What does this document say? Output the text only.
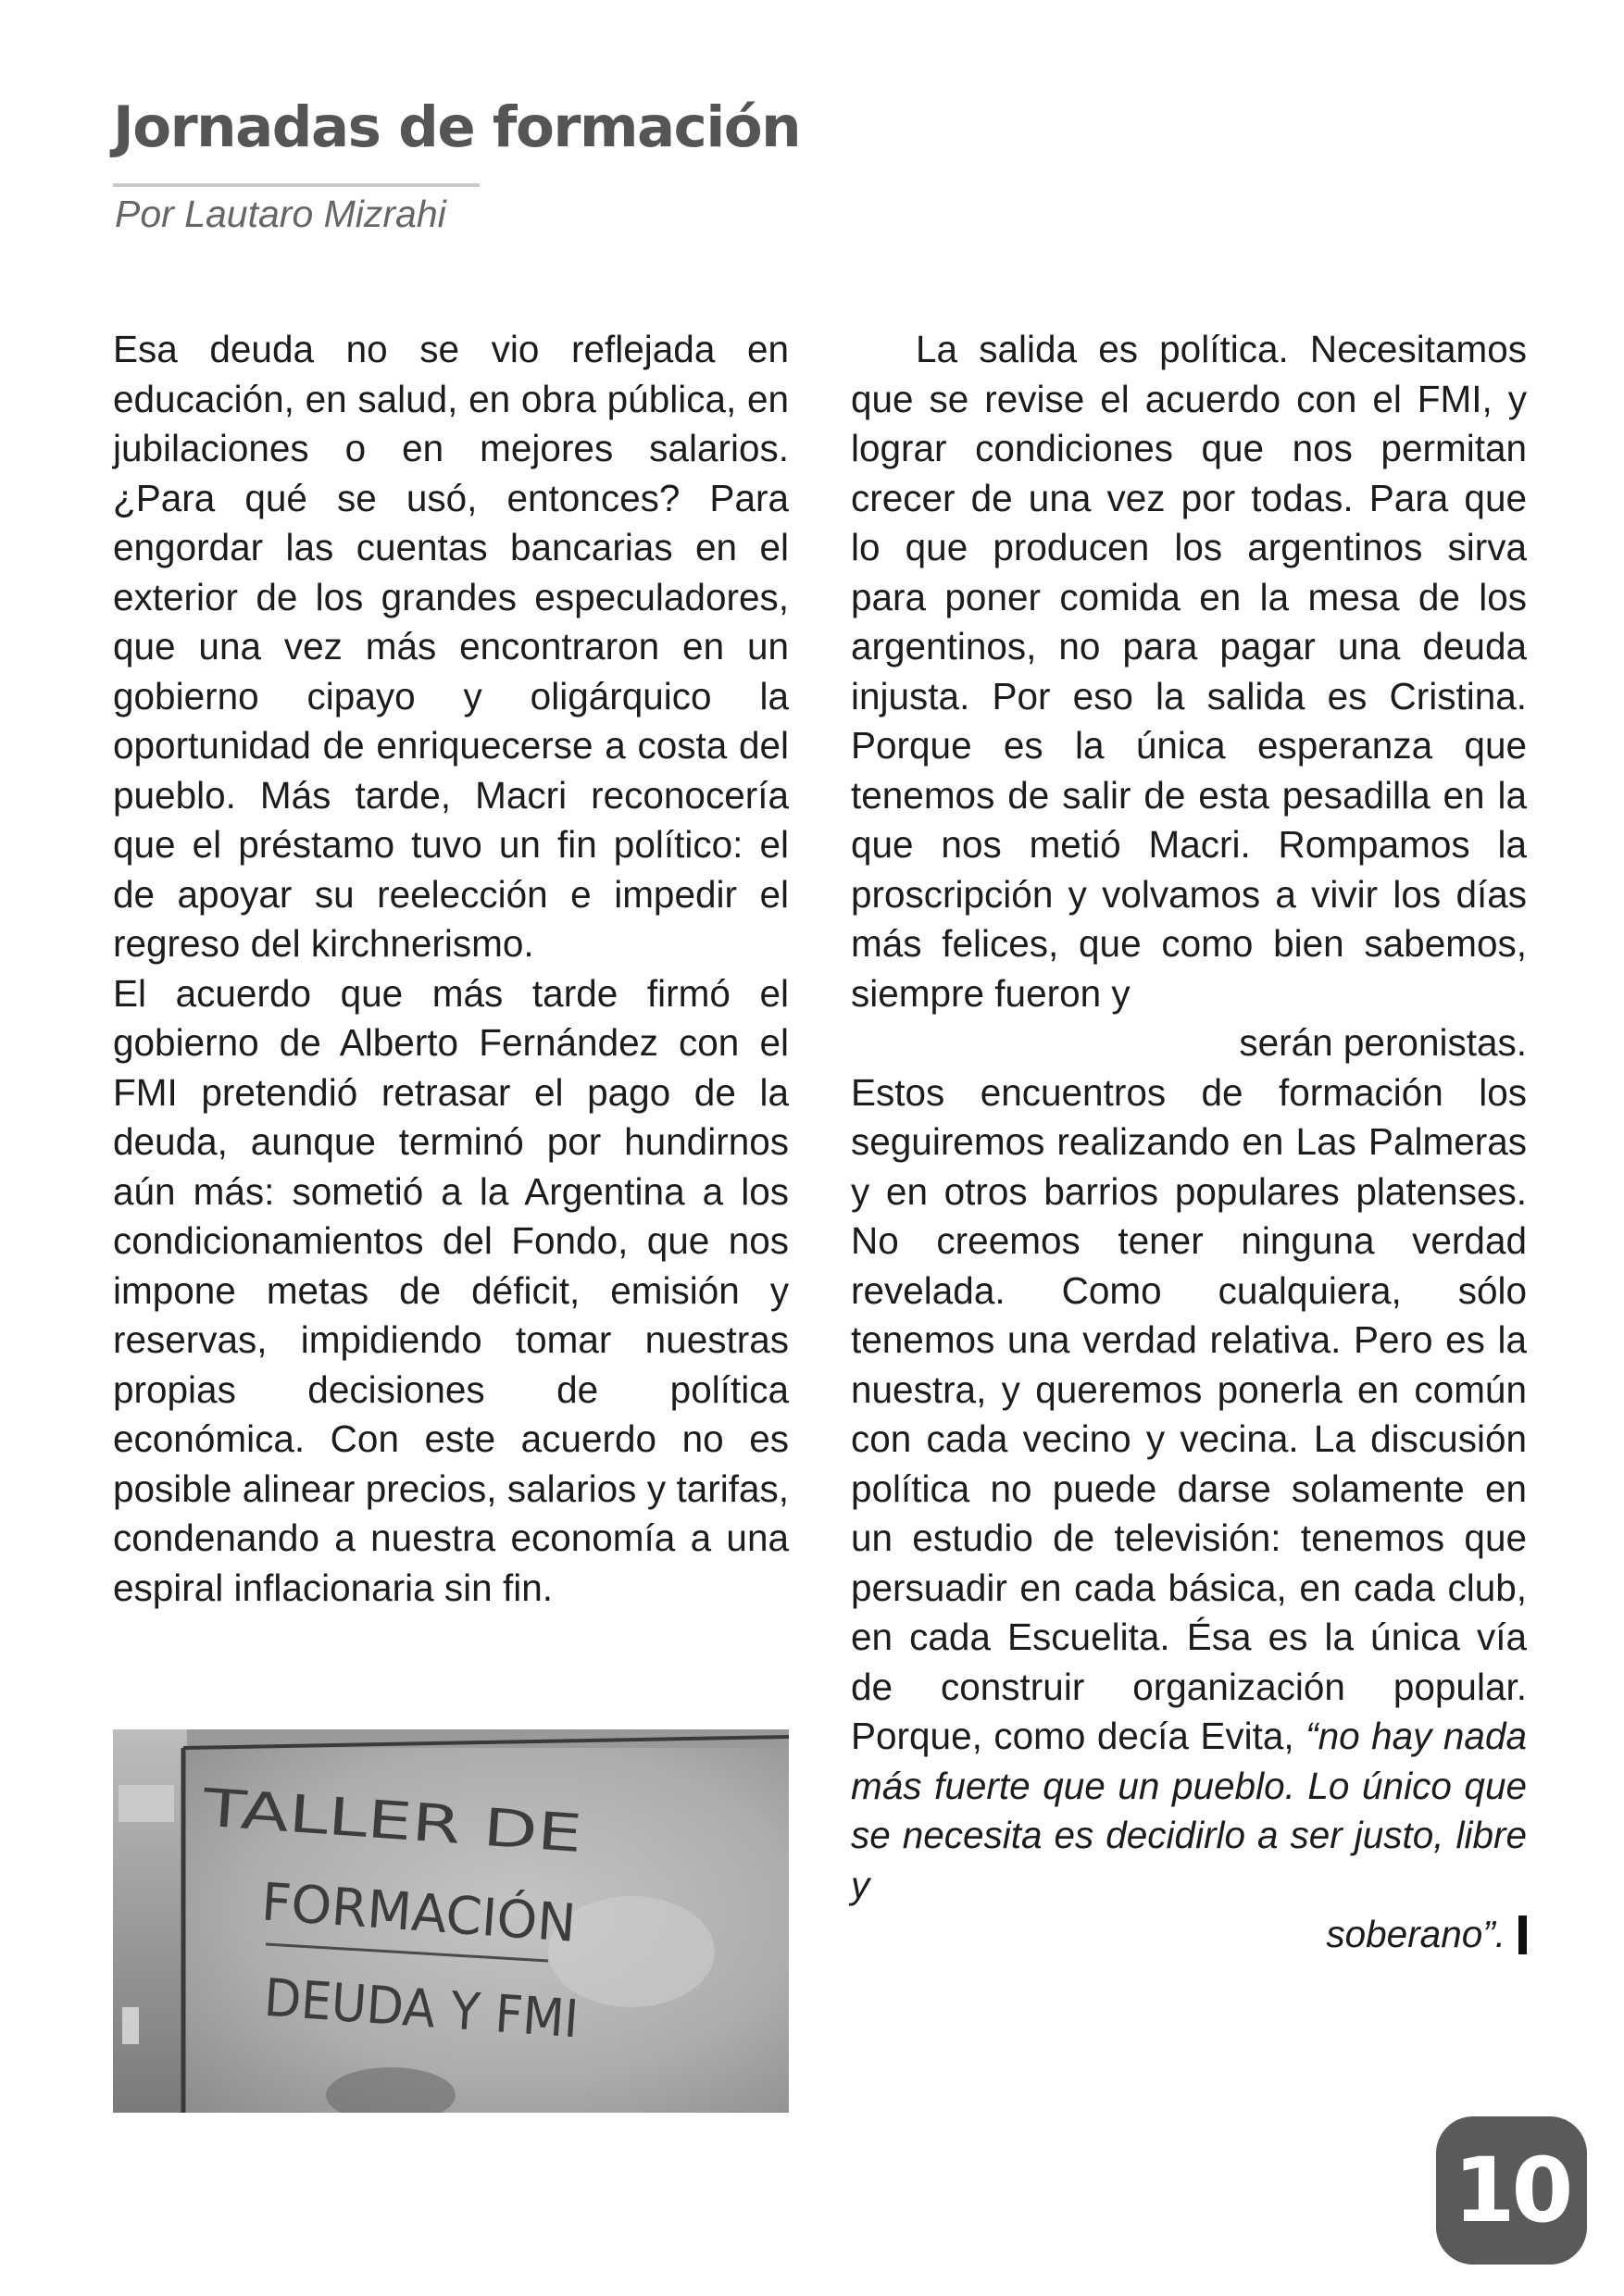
Jornadas de formación

Por Lautaro Mizrahi

Esa deuda no se vio reflejada en educación, en salud, en obra pública, en jubilaciones o en mejores salarios. ¿Para qué se usó, entonces? Para engordar las cuentas bancarias en el exterior de los grandes especuladores, que una vez más encontraron en un gobierno cipayo y oligárquico la oportunidad de enriquecerse a costa del pueblo. Más tarde, Macri reconocería que el préstamo tuvo un fin político: el de apoyar su reelección e impedir el regreso del kirchnerismo.

El acuerdo que más tarde firmó el gobierno de Alberto Fernández con el FMI pretendió retrasar el pago de la deuda, aunque terminó por hundirnos aún más: sometió a la Argentina a los condicionamientos del Fondo, que nos impone metas de déficit, emisión y reservas, impidiendo tomar nuestras propias decisiones de política económica. Con este acuerdo no es posible alinear precios, salarios y tarifas, condenando a nuestra economía a una espiral inflacionaria sin fin.

TALLER DE
FORMACIÓN
DEUDA Y FMI

La salida es política. Necesitamos que se revise el acuerdo con el FMI, y lograr condiciones que nos permitan crecer de una vez por todas. Para que lo que producen los argentinos sirva para poner comida en la mesa de los argentinos, no para pagar una deuda injusta. Por eso la salida es Cristina. Porque es la única esperanza que tenemos de salir de esta pesadilla en la que nos metió Macri. Rompamos la proscripción y volvamos a vivir los días más felices, que como bien sabemos, siempre fueron y

serán peronistas.

Estos encuentros de formación los seguiremos realizando en Las Palmeras y en otros barrios populares platenses. No creemos tener ninguna verdad revelada. Como cualquiera, sólo tenemos una verdad relativa. Pero es la nuestra, y queremos ponerla en común con cada vecino y vecina. La discusión política no puede darse solamente en un estudio de televisión: tenemos que persuadir en cada básica, en cada club, en cada Escuelita. Ésa es la única vía de construir organización popular. Porque, como decía Evita, “no hay nada más fuerte que un pueblo. Lo único que se necesita es decidirlo a ser justo, libre y

soberano”.

10
